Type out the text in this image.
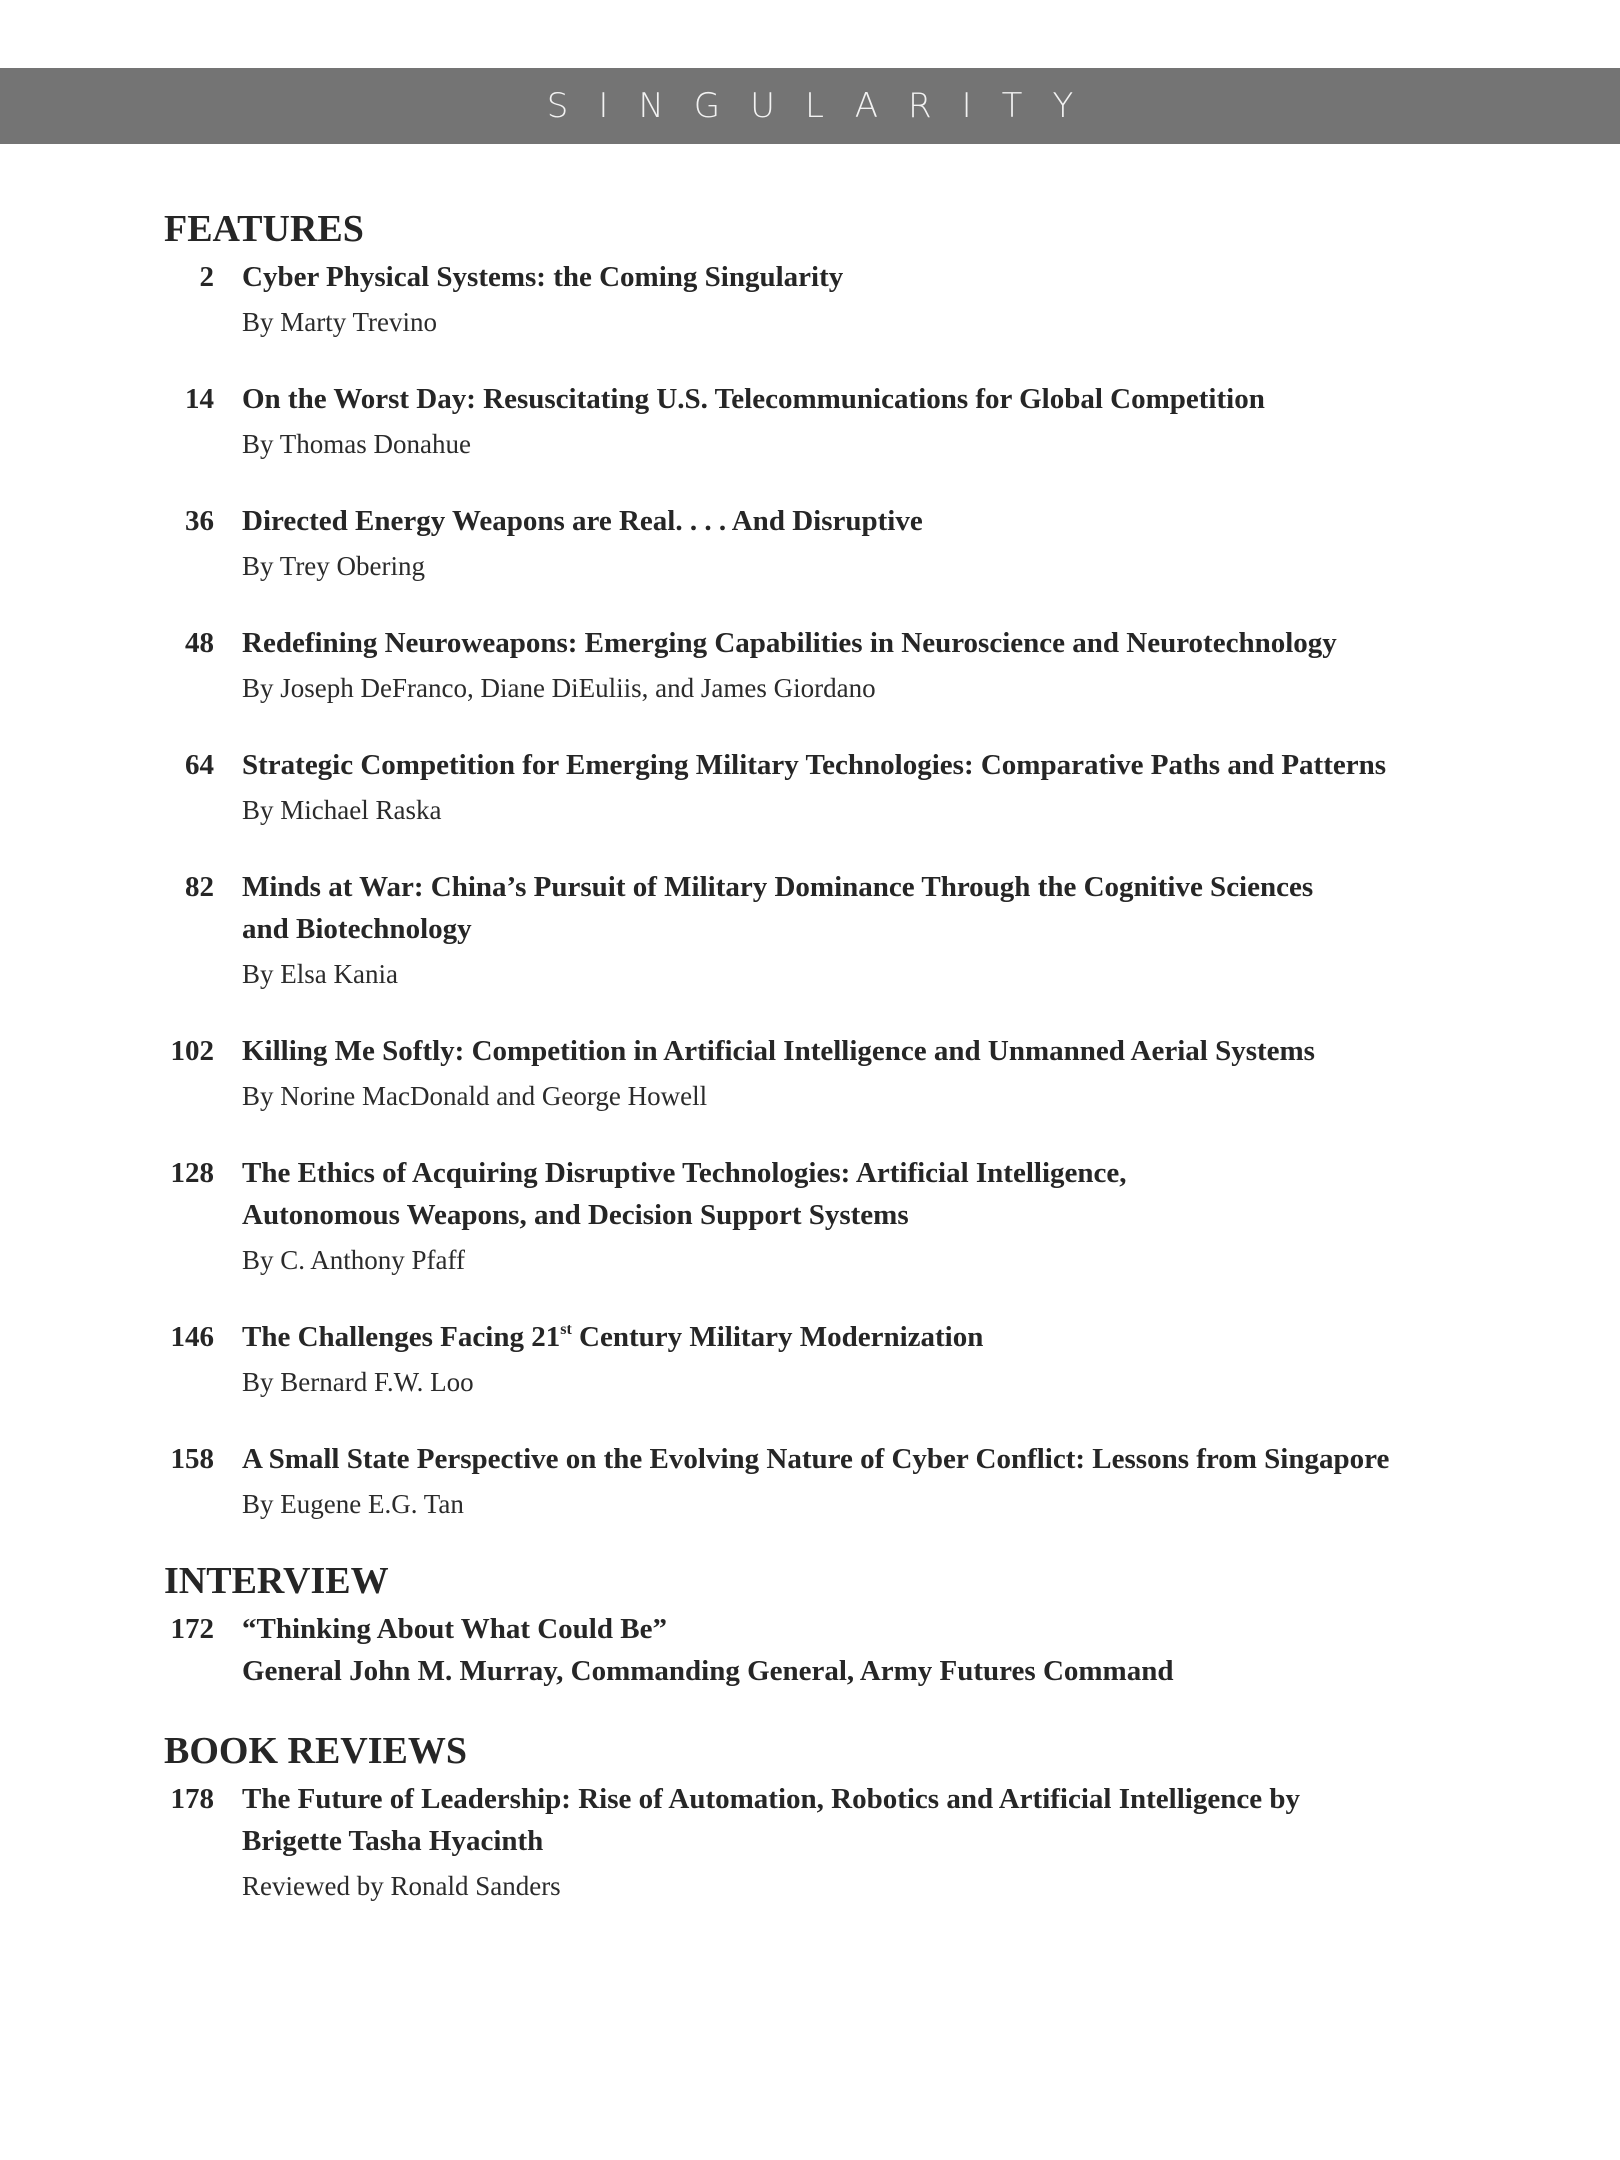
SINGULARITY
FEATURES
2 Cyber Physical Systems: the Coming Singularity
By Marty Trevino
14 On the Worst Day: Resuscitating U.S. Telecommunications for Global Competition
By Thomas Donahue
36 Directed Energy Weapons are Real. . . . And Disruptive
By Trey Obering
48 Redefining Neuroweapons: Emerging Capabilities in Neuroscience and Neurotechnology
By Joseph DeFranco, Diane DiEuliis, and James Giordano
64 Strategic Competition for Emerging Military Technologies: Comparative Paths and Patterns
By Michael Raska
82 Minds at War: China’s Pursuit of Military Dominance Through the Cognitive Sciences
and Biotechnology
By Elsa Kania
102 Killing Me Softly: Competition in Artificial Intelligence and Unmanned Aerial Systems
By Norine MacDonald and George Howell
128 The Ethics of Acquiring Disruptive Technologies: Artificial Intelligence,
Autonomous Weapons, and Decision Support Systems
By C. Anthony Pfaff
146 The Challenges Facing 21st Century Military Modernization
By Bernard F.W. Loo
158 A Small State Perspective on the Evolving Nature of Cyber Conflict: Lessons from Singapore
By Eugene E.G. Tan
INTERVIEW
172 “Thinking About What Could Be”
General John M. Murray, Commanding General, Army Futures Command
BOOK REVIEWS
178 The Future of Leadership: Rise of Automation, Robotics and Artificial Intelligence by
Brigette Tasha Hyacinth
Reviewed by Ronald Sanders
